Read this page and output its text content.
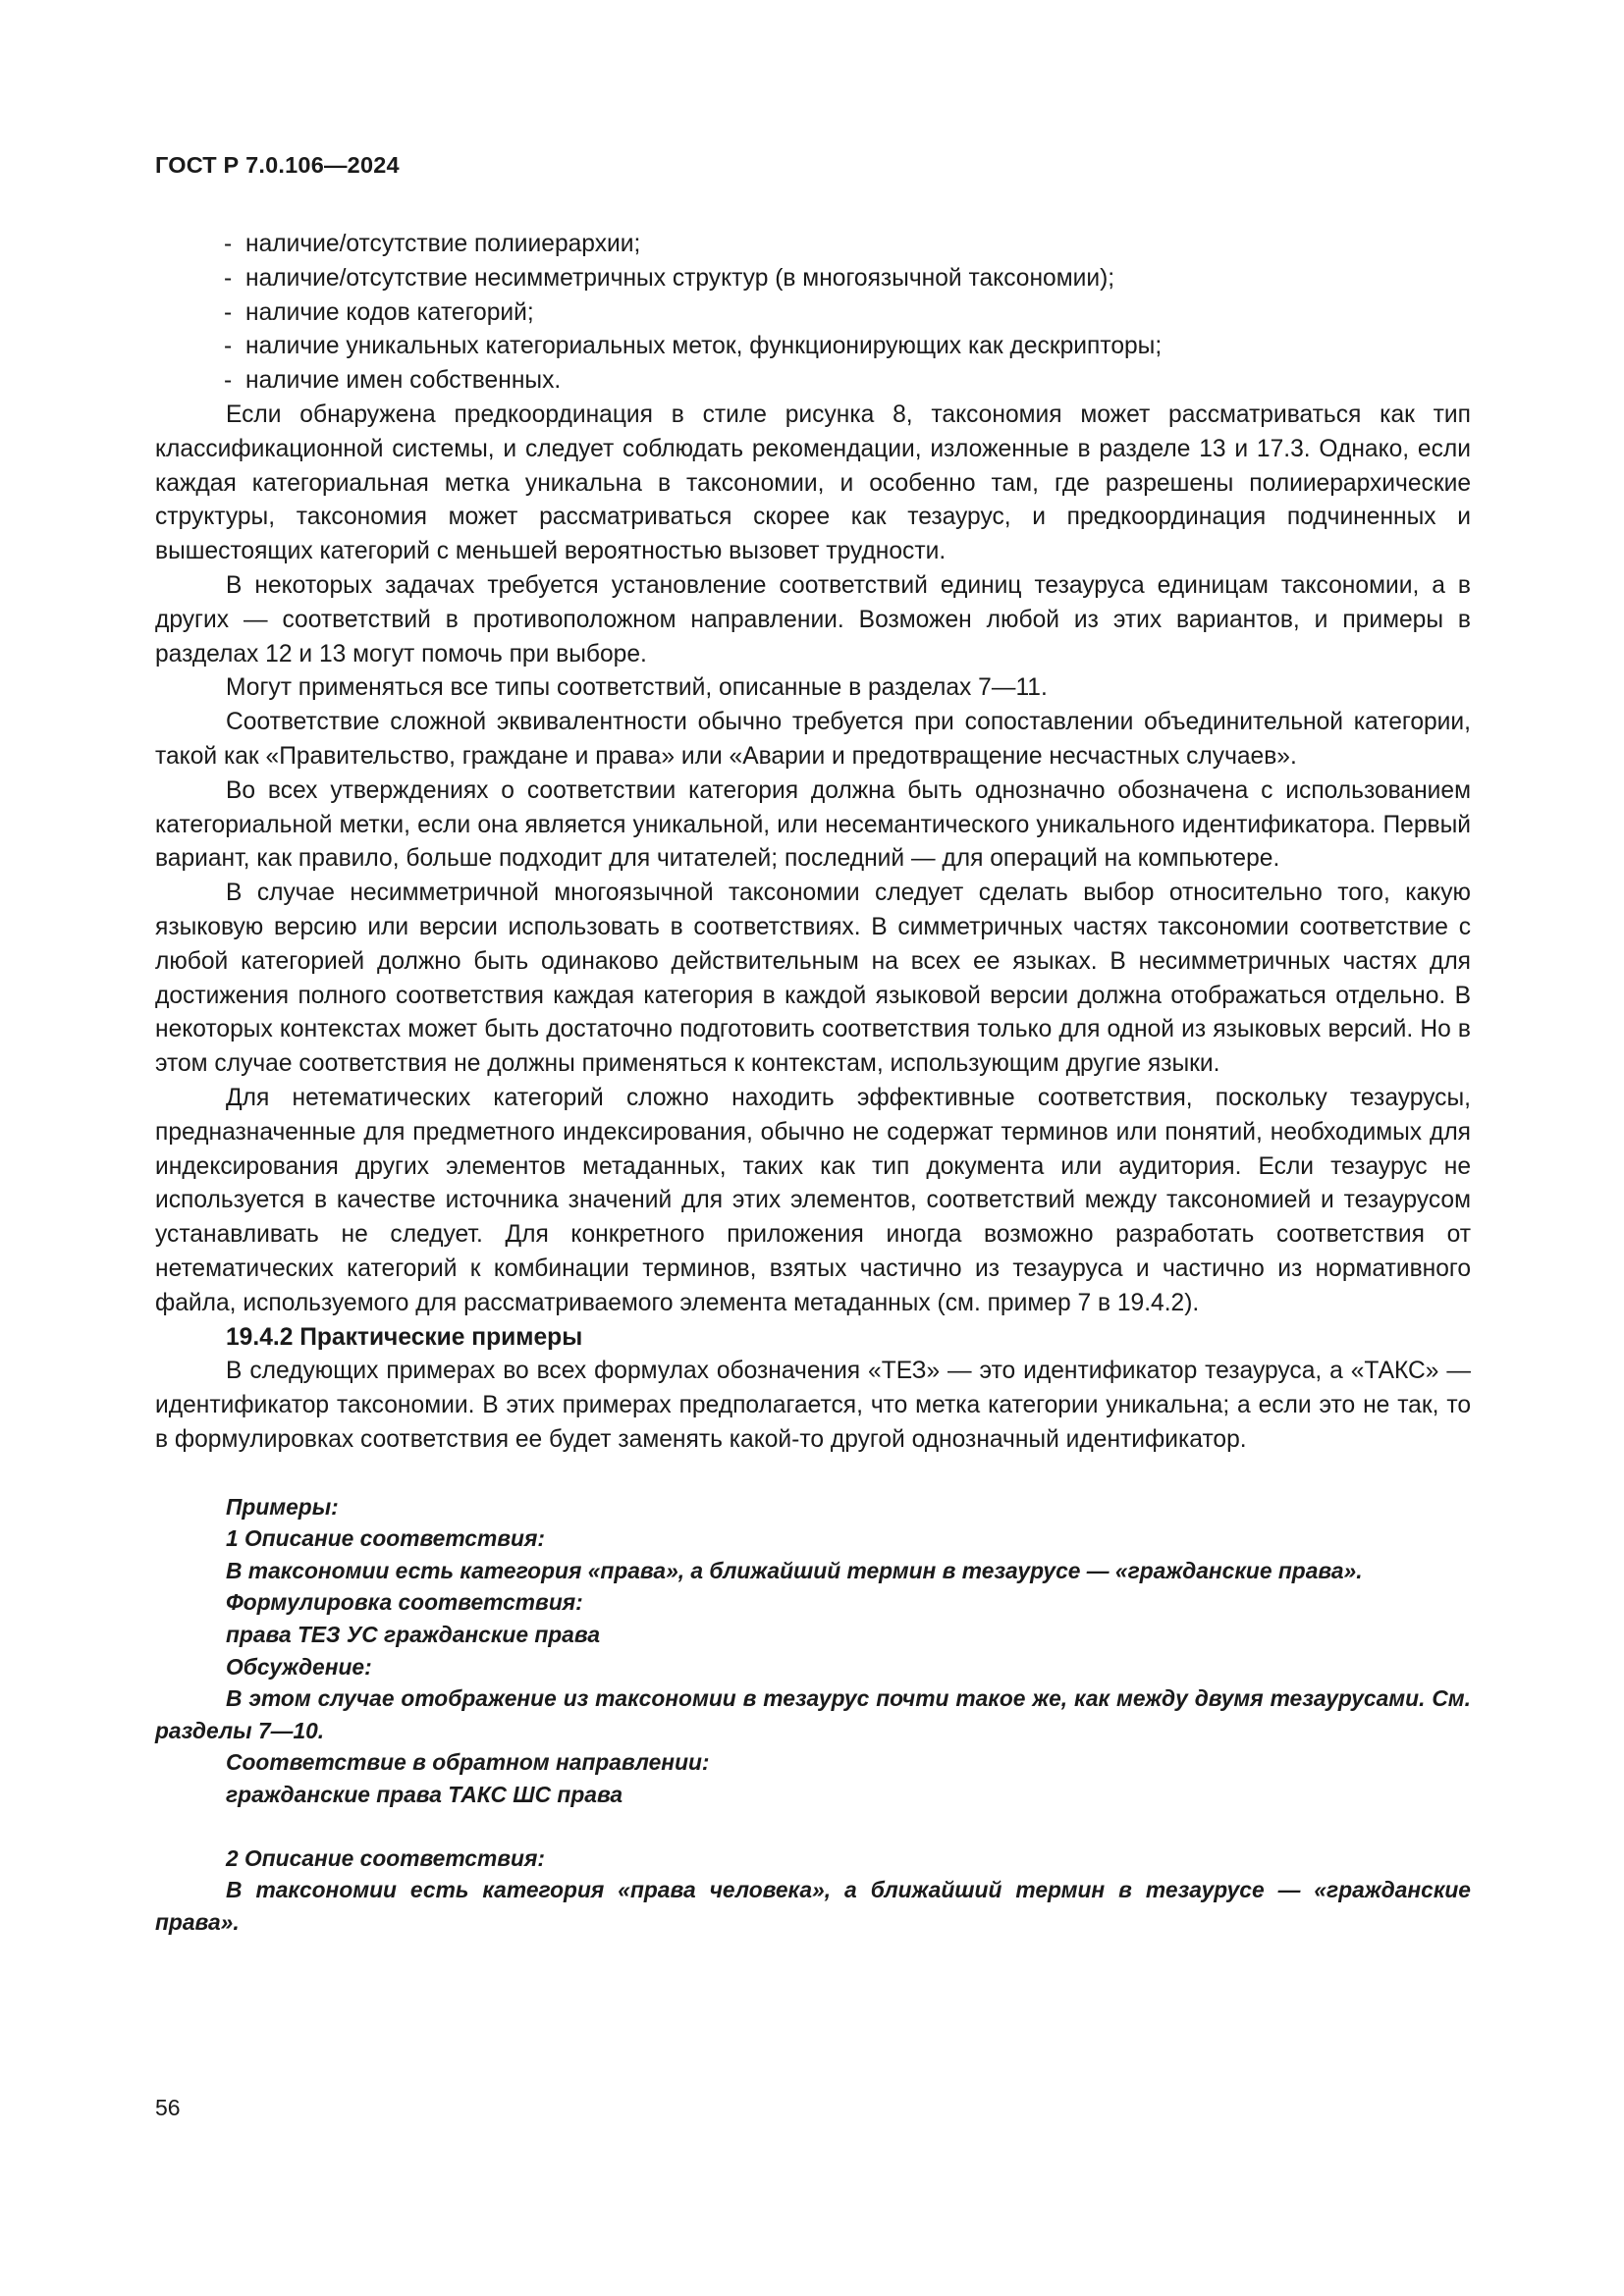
ГОСТ Р 7.0.106—2024

- наличие/отсутствие полииерархии;

- наличие/отсутствие несимметричных структур (в многоязычной таксономии);

- наличие кодов категорий;

- наличие уникальных категориальных меток, функционирующих как дескрипторы;

- наличие имен собственных.

Если обнаружена предкоординация в стиле рисунка 8, таксономия может рассматриваться как тип классификационной системы, и следует соблюдать рекомендации, изложенные в разделе 13 и 17.3. Однако, если каждая категориальная метка уникальна в таксономии, и особенно там, где разрешены полииерархические структуры, таксономия может рассматриваться скорее как тезаурус, и предкоординация подчиненных и вышестоящих категорий с меньшей вероятностью вызовет трудности.

В некоторых задачах требуется установление соответствий единиц тезауруса единицам таксономии, а в других — соответствий в противоположном направлении. Возможен любой из этих вариантов, и примеры в разделах 12 и 13 могут помочь при выборе.

Могут применяться все типы соответствий, описанные в разделах 7—11.

Соответствие сложной эквивалентности обычно требуется при сопоставлении объединительной категории, такой как «Правительство, граждане и права» или «Аварии и предотвращение несчастных случаев».

Во всех утверждениях о соответствии категория должна быть однозначно обозначена с использованием категориальной метки, если она является уникальной, или несемантического уникального идентификатора. Первый вариант, как правило, больше подходит для читателей; последний — для операций на компьютере.

В случае несимметричной многоязычной таксономии следует сделать выбор относительно того, какую языковую версию или версии использовать в соответствиях. В симметричных частях таксономии соответствие с любой категорией должно быть одинаково действительным на всех ее языках. В несимметричных частях для достижения полного соответствия каждая категория в каждой языковой версии должна отображаться отдельно. В некоторых контекстах может быть достаточно подготовить соответствия только для одной из языковых версий. Но в этом случае соответствия не должны применяться к контекстам, использующим другие языки.

Для нетематических категорий сложно находить эффективные соответствия, поскольку тезаурусы, предназначенные для предметного индексирования, обычно не содержат терминов или понятий, необходимых для индексирования других элементов метаданных, таких как тип документа или аудитория. Если тезаурус не используется в качестве источника значений для этих элементов, соответствий между таксономией и тезаурусом устанавливать не следует. Для конкретного приложения иногда возможно разработать соответствия от нетематических категорий к комбинации терминов, взятых частично из тезауруса и частично из нормативного файла, используемого для рассматриваемого элемента метаданных (см. пример 7 в 19.4.2).

19.4.2 Практические примеры

В следующих примерах во всех формулах обозначения «ТЕЗ» — это идентификатор тезауруса, а «ТАКС» — идентификатор таксономии. В этих примерах предполагается, что метка категории уникальна; а если это не так, то в формулировках соответствия ее будет заменять какой-то другой однозначный идентификатор.

Примеры:

1 Описание соответствия:

В таксономии есть категория «права», а ближайший термин в тезаурусе — «гражданские права».

Формулировка соответствия:

права ТЕЗ УС гражданские права

Обсуждение:

В этом случае отображение из таксономии в тезаурус почти такое же, как между двумя тезаурусами. См. разделы 7—10.

Соответствие в обратном направлении:

гражданские права ТАКС ШС права

2 Описание соответствия:

В таксономии есть категория «права человека», а ближайший термин в тезаурусе — «гражданские права».

56
